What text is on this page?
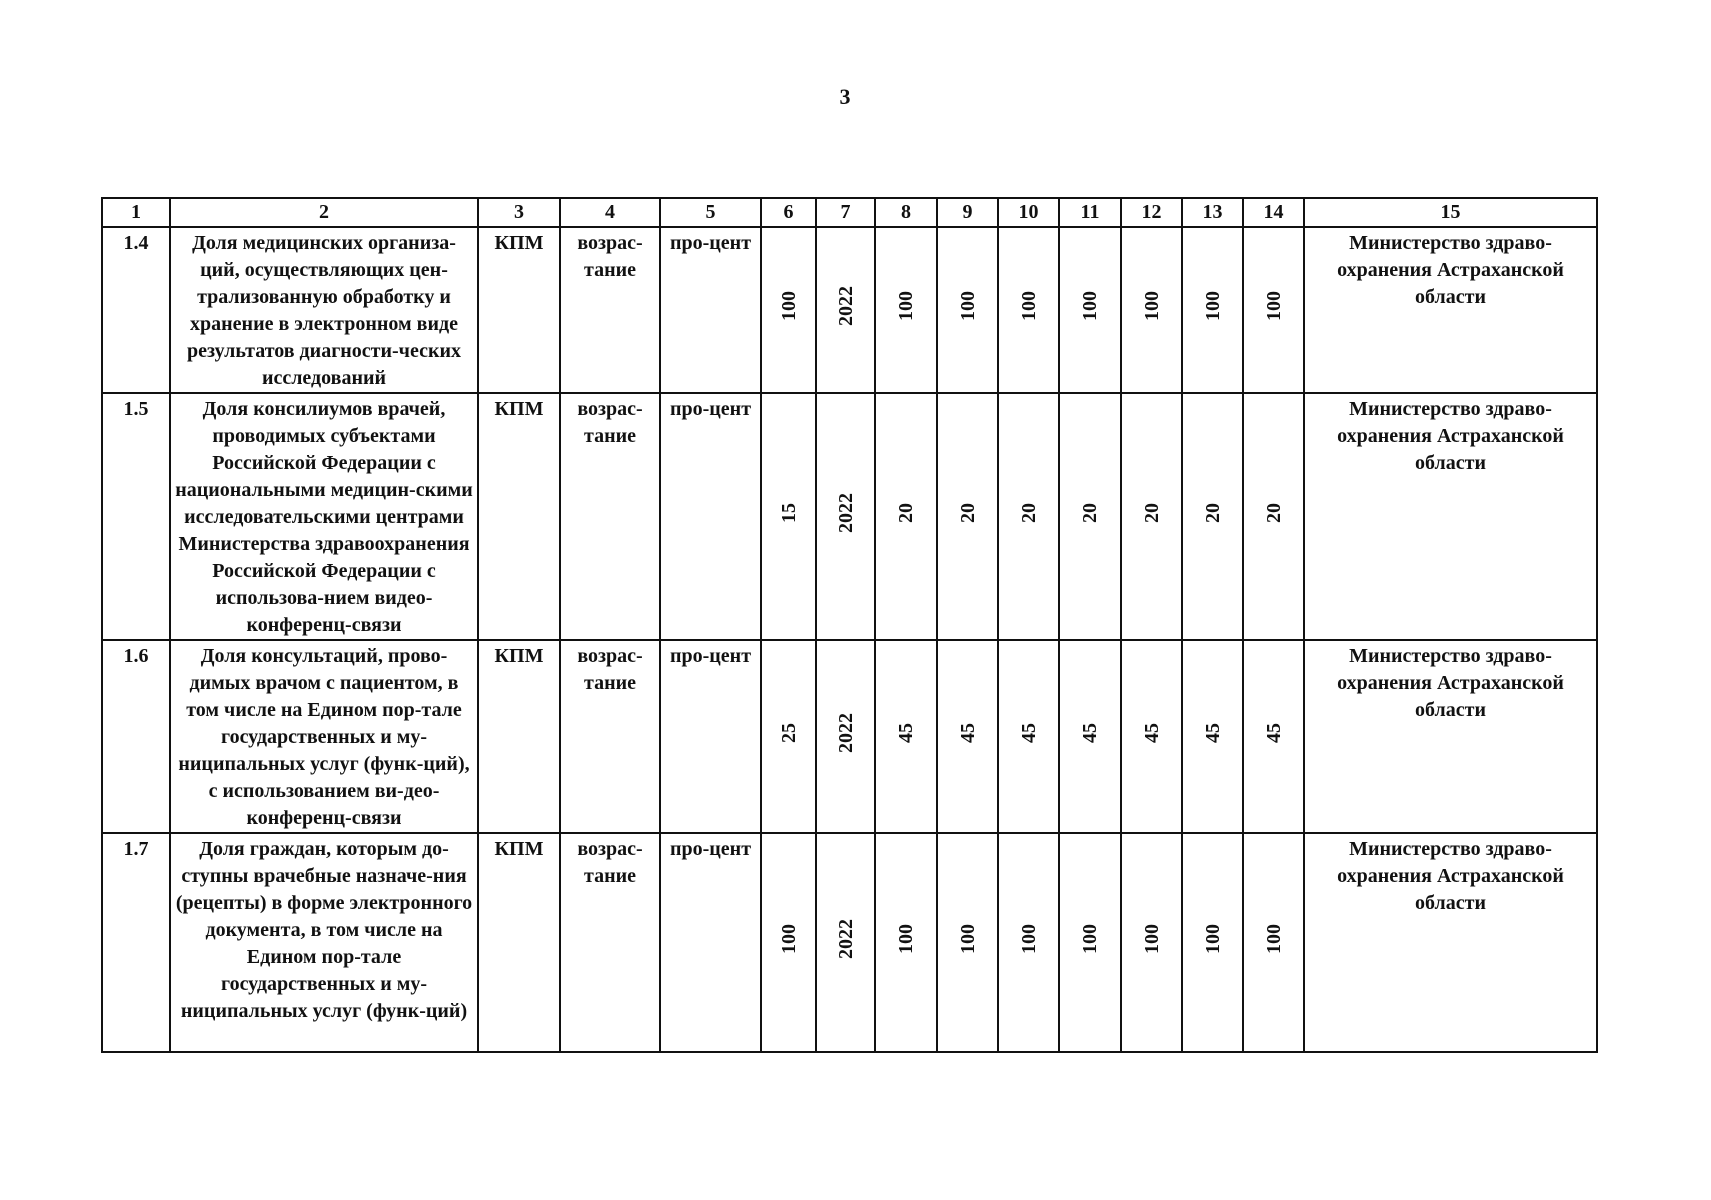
3
1	2	3	4	5	6	7	8	9	10	11	12	13	14	15
1.4	Доля медицинских организа-ций, осуществляющих цен-трализованную обработку и хранение в электронном виде результатов диагности-ческих исследований	КПМ	возрас-тание	про-цент	100	2022	100	100	100	100	100	100	100	Министерство здраво-охранения Астраханской области
1.5	Доля консилиумов врачей, проводимых субъектами Российской Федерации с национальными медицин-скими исследовательскими центрами Министерства здравоохранения Российской Федерации с использова-нием видео-конференц-связи	КПМ	возрас-тание	про-цент	15	2022	20	20	20	20	20	20	20	Министерство здраво-охранения Астраханской области
1.6	Доля консультаций, прово-димых врачом с пациентом, в том числе на Едином пор-тале государственных и му-ниципальных услуг (функ-ций), с использованием ви-део-конференц-связи	КПМ	возрас-тание	про-цент	25	2022	45	45	45	45	45	45	45	Министерство здраво-охранения Астраханской области
1.7	Доля граждан, которым до-ступны врачебные назначе-ния (рецепты) в форме электронного документа, в том числе на Едином пор-тале государственных и му-ниципальных услуг (функ-ций)	КПМ	возрас-тание	про-цент	100	2022	100	100	100	100	100	100	100	Министерство здраво-охранения Астраханской области
